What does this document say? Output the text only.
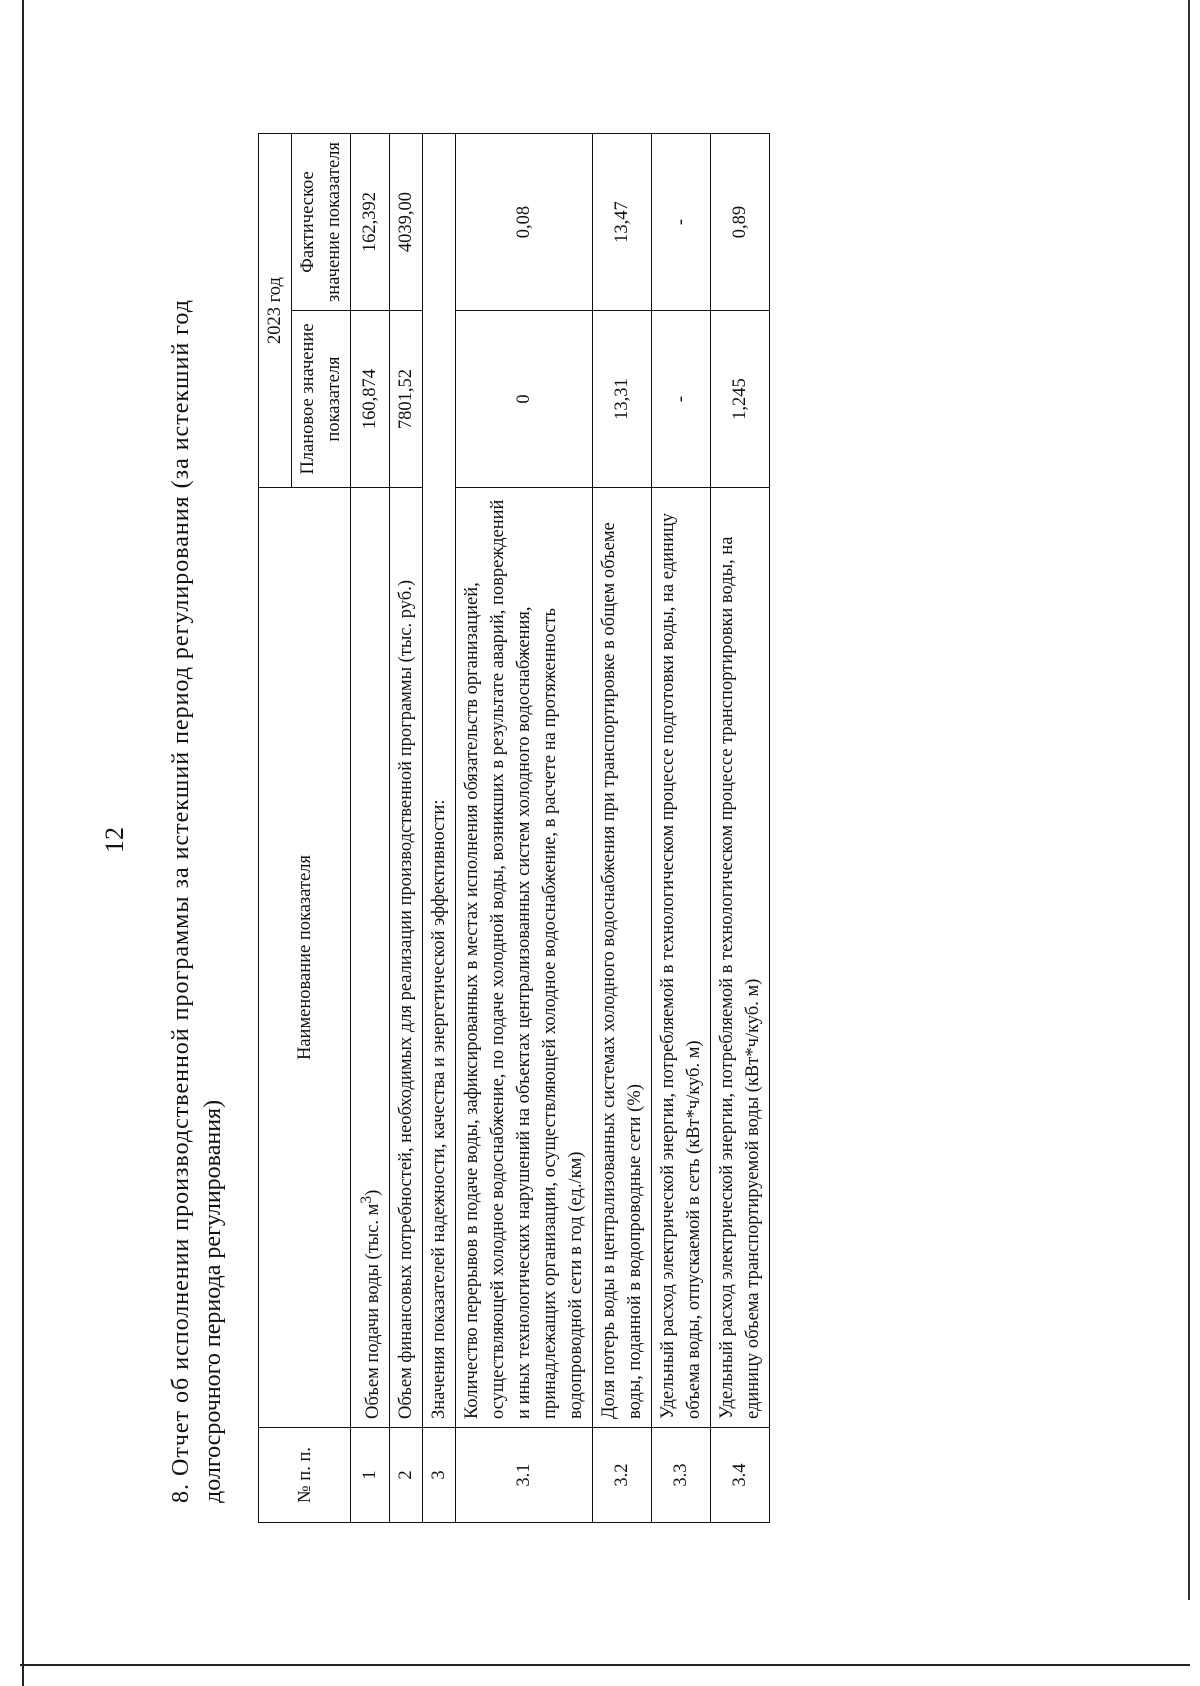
12 8. Отчет об исполнении производственной программы за истекший период регулирования (за истекший год долгосрочного периода регулирования)	№ п. п.	Наименование показателя	2023 год	
		Плановое значение показателя	Фактическое значение показателя
1	Объем подачи воды (тыс. $м^3$)	160,874	162,392
2	Объем финансовых потребностей, необходимых для реализации производственной программы (тыс. руб.)	7801,52	4039,00
3	Значения показателей надежности, качества и энергетической эффективности:		
3.1	Количество перерывов в подаче воды, зафиксированных в местах исполнения обязательств организацией, осуществляющей холодное водоснабжение, по подаче холодной воды, возникших в результате аварий, повреждений и иных технологических нарушений на объектах централизованных систем холодного водоснабжения, принадлежащих организации, осуществляющей холодное водоснабжение, в расчете на протяженность водопроводной сети в год (ед./км)	0	0,08
3.2	Доля потерь воды в централизованных системах холодного водоснабжения при транспортировке в общем объеме воды, поданной в водопроводные сети (%)	13,31	13,47
3.3	Удельный расход электрической энергии, потребляемой в технологическом процессе подготовки воды, на единицу объема воды, отпускаемой в сеть (кВт*ч/куб. м)	-	-
3.4	Удельный расход электрической энергии, потребляемой в технологическом процессе транспортировки воды, на единицу объема транспортируемой воды (кВт*ч/куб. м)	1,245	0,89
